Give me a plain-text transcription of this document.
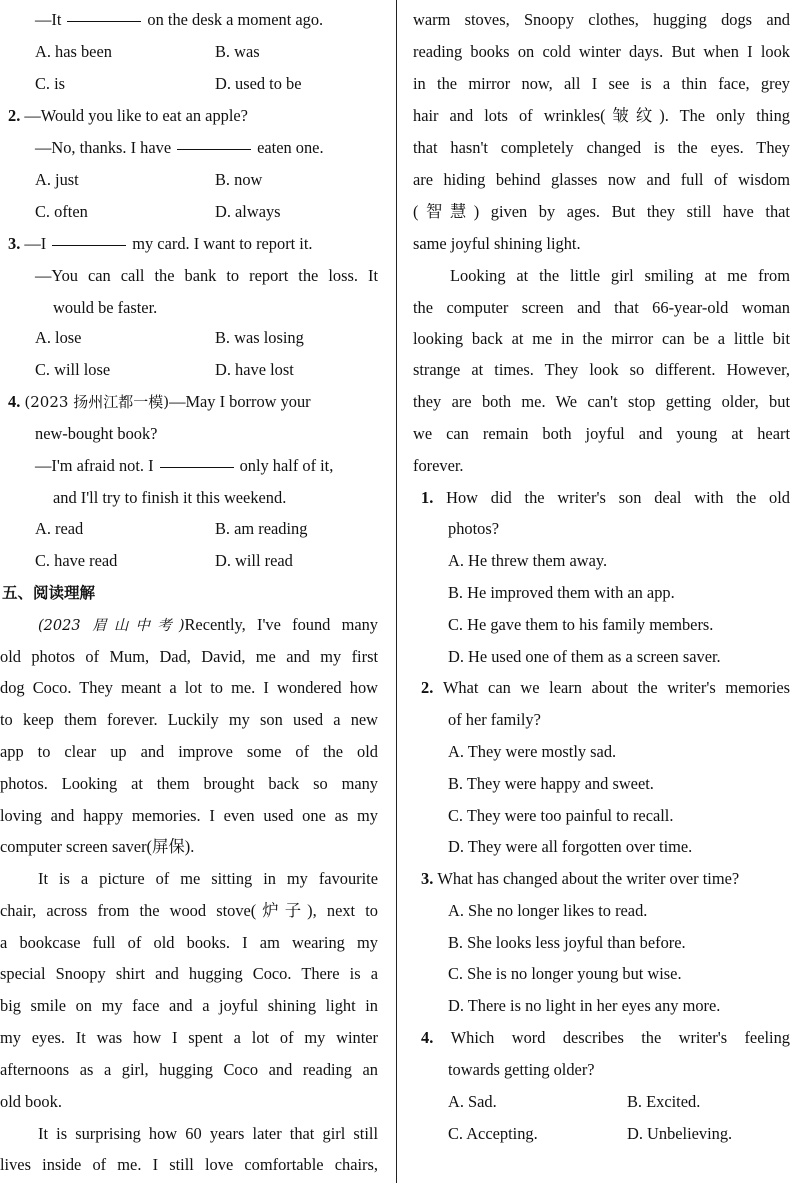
—It	on the desk a moment ago.
A. has been	B. was
C. is	D. used to be
2. —Would you like to eat an apple?
—No, thanks. I have	eaten one.
A. just	B. now
C. often	D. always
3. —I	my card. I want to report it.
—You can call the bank to report the loss. It
would be faster.
A. lose	B. was losing
C. will lose	D. have lost
4. (2023 扬州江都一模)—May I borrow your
new-bought book?
—I'm afraid not. I	only half of it,
and I'll try to finish it this weekend.
A. read	B. am reading
C. have read	D. will read
五、阅读理解
(2023 眉山中考)Recently, I've found many
old photos of Mum, Dad, David, me and my first
dog Coco. They meant a lot to me. I wondered how
to keep them forever. Luckily my son used a new
app to clear up and improve some of the old
photos. Looking at them brought back so many
loving and happy memories. I even used one as my
computer screen saver(屏保).
It is a picture of me sitting in my favourite
chair, across from the wood stove(炉子), next to
a bookcase full of old books. I am wearing my
special Snoopy shirt and hugging Coco. There is a
big smile on my face and a joyful shining light in
my eyes. It was how I spent a lot of my winter
afternoons as a girl, hugging Coco and reading an
old book.
It is surprising how 60 years later that girl still
lives inside of me. I still love comfortable chairs,
warm stoves, Snoopy clothes, hugging dogs and
reading books on cold winter days. But when I look
in the mirror now, all I see is a thin face, grey
hair and lots of wrinkles(皱纹). The only thing
that hasn't completely changed is the eyes. They
are hiding behind glasses now and full of wisdom
(智慧) given by ages. But they still have that
same joyful shining light.
Looking at the little girl smiling at me from
the computer screen and that 66-year-old woman
looking back at me in the mirror can be a little bit
strange at times. They look so different. However,
they are both me. We can't stop getting older, but
we can remain both joyful and young at heart
forever.
1. How did the writer's son deal with the old
photos?
A. He threw them away.
B. He improved them with an app.
C. He gave them to his family members.
D. He used one of them as a screen saver.
2. What can we learn about the writer's memories
of her family?
A. They were mostly sad.
B. They were happy and sweet.
C. They were too painful to recall.
D. They were all forgotten over time.
3. What has changed about the writer over time?
A. She no longer likes to read.
B. She looks less joyful than before.
C. She is no longer young but wise.
D. There is no light in her eyes any more.
4. Which word describes the writer's feeling
towards getting older?
A. Sad.	B. Excited.
C. Accepting.	D. Unbelieving.
